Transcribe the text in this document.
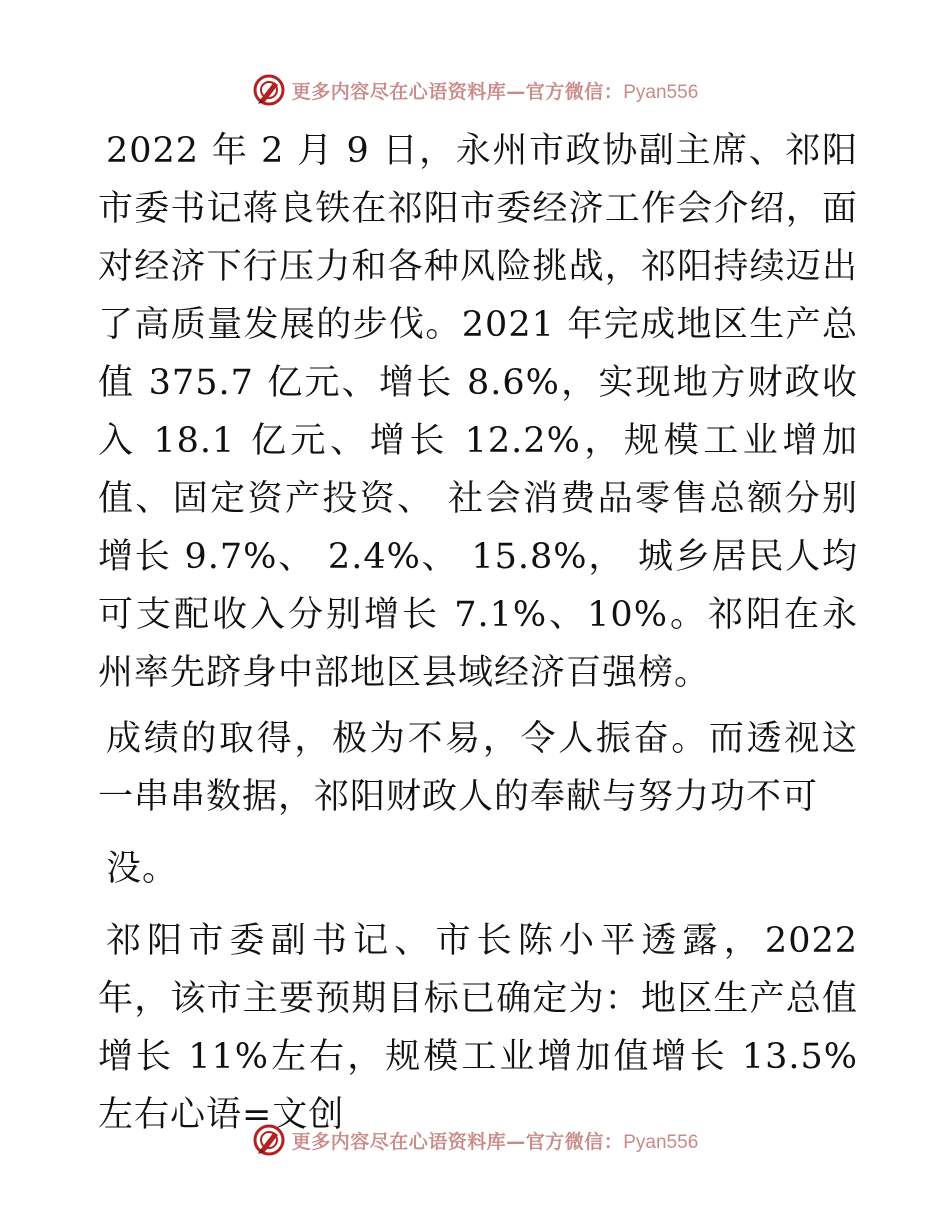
更多内容尽在心语资料库—官方微信：Pyan556

2022 年 2 月 9 日，永州市政协副主席、祁阳市委书记蒋良铁在祁阳市委经济工作会介绍，面对经济下行压力和各种风险挑战，祁阳持续迈出了高质量发展的步伐。2021 年完成地区生产总值 375.7 亿元、增长 8.6%，实现地方财政收入 18.1 亿元、增长 12.2%，规模工业增加值、固定资产投资、 社会消费品零售总额分别增长 9.7%、 2.4%、 15.8%， 城乡居民人均可支配收入分别增长 7.1%、10%。祁阳在永州率先跻身中部地区县域经济百强榜。

成绩的取得，极为不易，令人振奋。而透视这一串串数据，祁阳财政人的奉献与努力功不可

没。

祁阳市委副书记、市长陈小平透露，2022 年，该市主要预期目标已确定为：地区生产总值增长 11%左右，规模工业增加值增长 13.5%左右心语=文创

更多内容尽在心语资料库—官方微信：Pyan556
